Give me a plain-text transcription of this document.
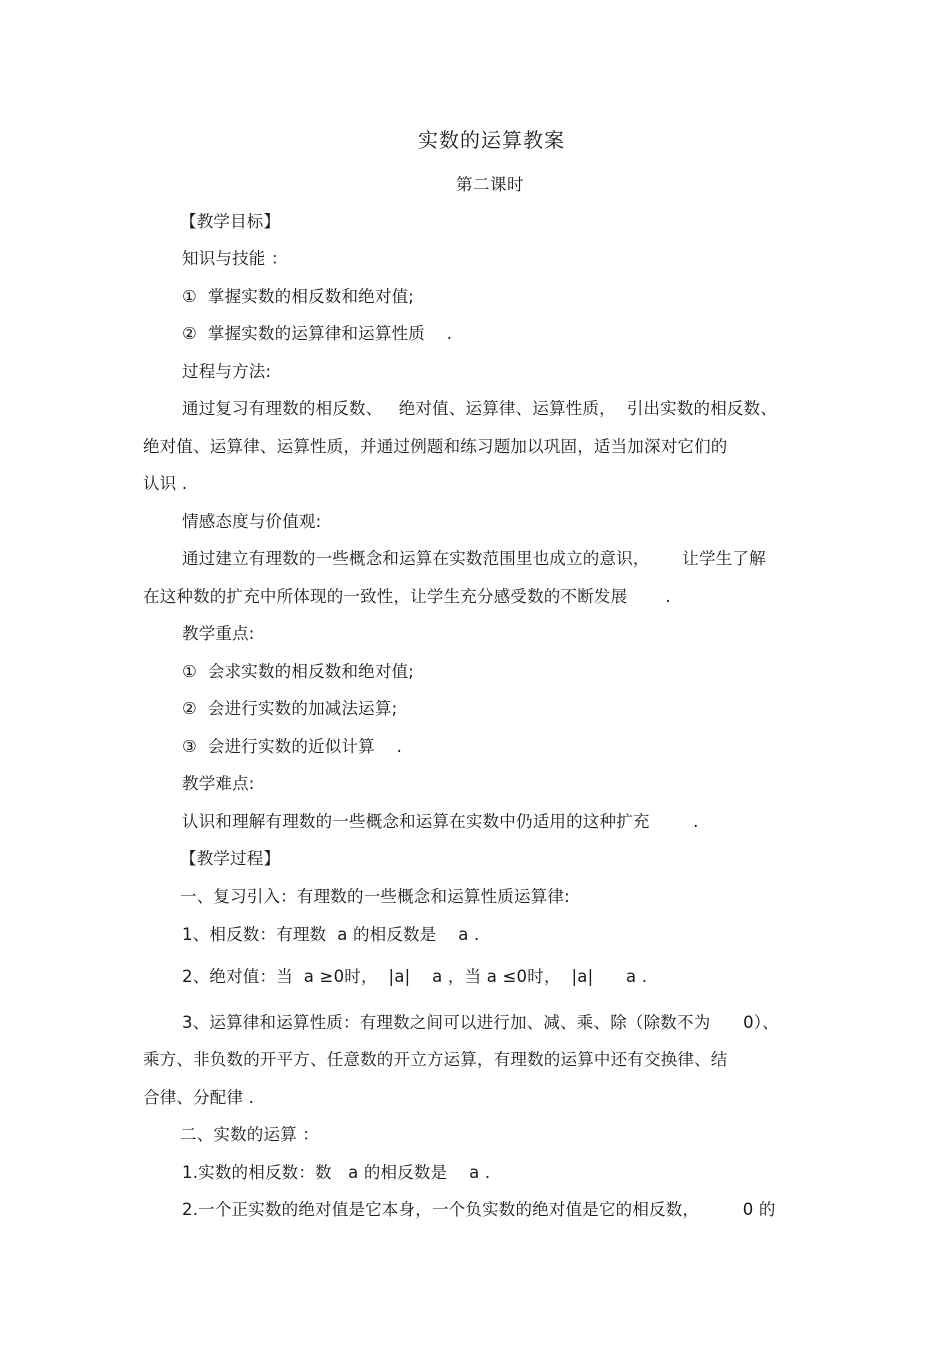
实数的运算教案
第二课时
【教学目标】
知识与技能 ：
①  掌握实数的相反数和绝对值;
②  掌握实数的运算律和运算性质    .
过程与方法:
通过复习有理数的相反数、   绝对值、运算律、运算性质，  引出实数的相反数、
绝对值、运算律、运算性质，并通过例题和练习题加以巩固，适当加深对它们的
认识 .
情感态度与价值观:
通过建立有理数的一些概念和运算在实数范围里也成立的意识，      让学生了解
在这种数的扩充中所体现的一致性，让学生充分感受数的不断发展       .
教学重点:
①  会求实数的相反数和绝对值;
②  会进行实数的加减法运算;
③  会进行实数的近似计算    .
教学难点:
认识和理解有理数的一些概念和运算在实数中仍适用的这种扩充        .
【教学过程】
一、复习引入：有理数的一些概念和运算性质运算律:
1、相反数：有理数  a 的相反数是    a .
2、绝对值：当  a ≥0时，  |a|    a ，当 a ≤0时，  |a|      a .
3、运算律和运算性质：有理数之间可以进行加、减、乘、除（除数不为      0）、
乘方、非负数的开平方、任意数的开立方运算，有理数的运算中还有交换律、结
合律、分配律 .
二、实数的运算 ：
1.实数的相反数：数   a 的相反数是    a .
2.一个正实数的绝对值是它本身，一个负实数的绝对值是它的相反数，        0 的
